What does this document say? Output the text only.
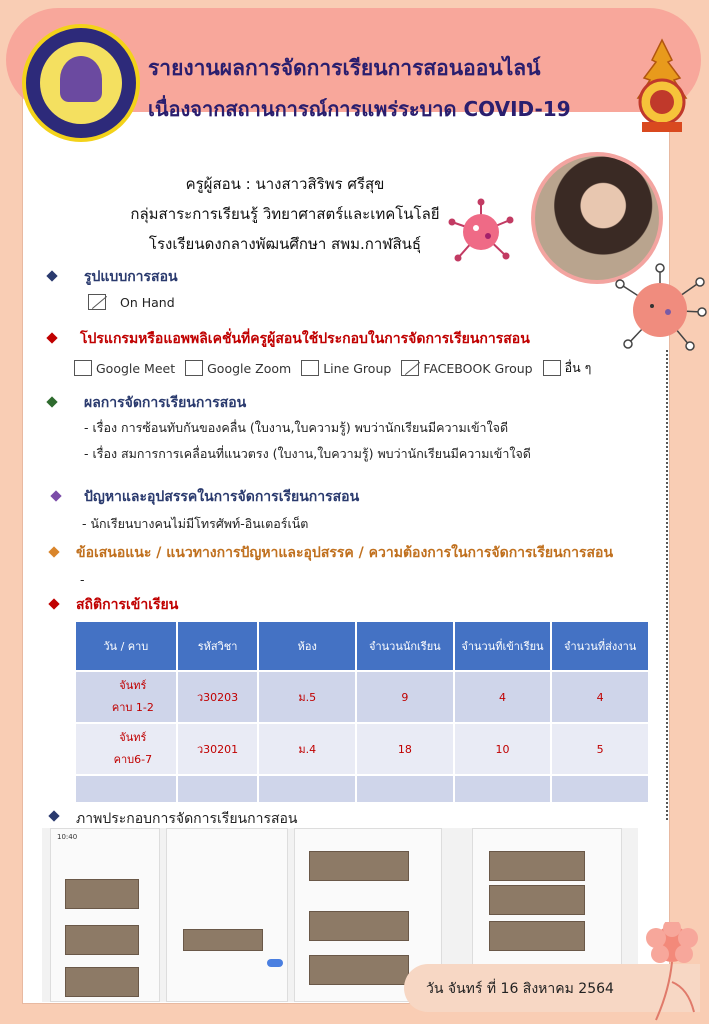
รายงานผลการจัดการเรียนการสอนออนไลน์
เนื่องจากสถานการณ์การแพร่ระบาด COVID-19
ครูผู้สอน : นางสาวสิริพร ศรีสุข
กลุ่มสาระการเรียนรู้ วิทยาศาสตร์และเทคโนโลยี
โรงเรียนดงกลางพัฒนศึกษา สพม.กาฬสินธุ์
รูปแบบการสอน
On Hand
โปรแกรมหรือแอพพลิเคชั่นที่ครูผู้สอนใช้ประกอบในการจัดการเรียนการสอน
Google Meet	Google Zoom	Line Group	FACEBOOK Group	อื่น ๆ
ผลการจัดการเรียนการสอน
- เรื่อง การซ้อนทับกันของคลื่น (ใบงาน,ใบความรู้) พบว่านักเรียนมีความเข้าใจดี
- เรื่อง สมการการเคลื่อนที่แนวตรง (ใบงาน,ใบความรู้) พบว่านักเรียนมีความเข้าใจดี
ปัญหาและอุปสรรคในการจัดการเรียนการสอน
- นักเรียนบางคนไม่มีโทรศัพท์-อินเตอร์เน็ต
ข้อเสนอแนะ / แนวทางการปัญหาและอุปสรรค / ความต้องการในการจัดการเรียนการสอน
-
สถิติการเข้าเรียน
วัน / คาบ	รหัสวิชา	ห้อง	จำนวนนักเรียน	จำนวนที่เข้าเรียน	จำนวนที่ส่งงาน

จันทร์
คาบ 1-2	ว30203	ม.5	9	4	4

จันทร์
คาบ6-7	ว30201	ม.4	18	10	5

ภาพประกอบการจัดการเรียนการสอน
10:40
วัน จันทร์ ที่ 16 สิงหาคม 2564
